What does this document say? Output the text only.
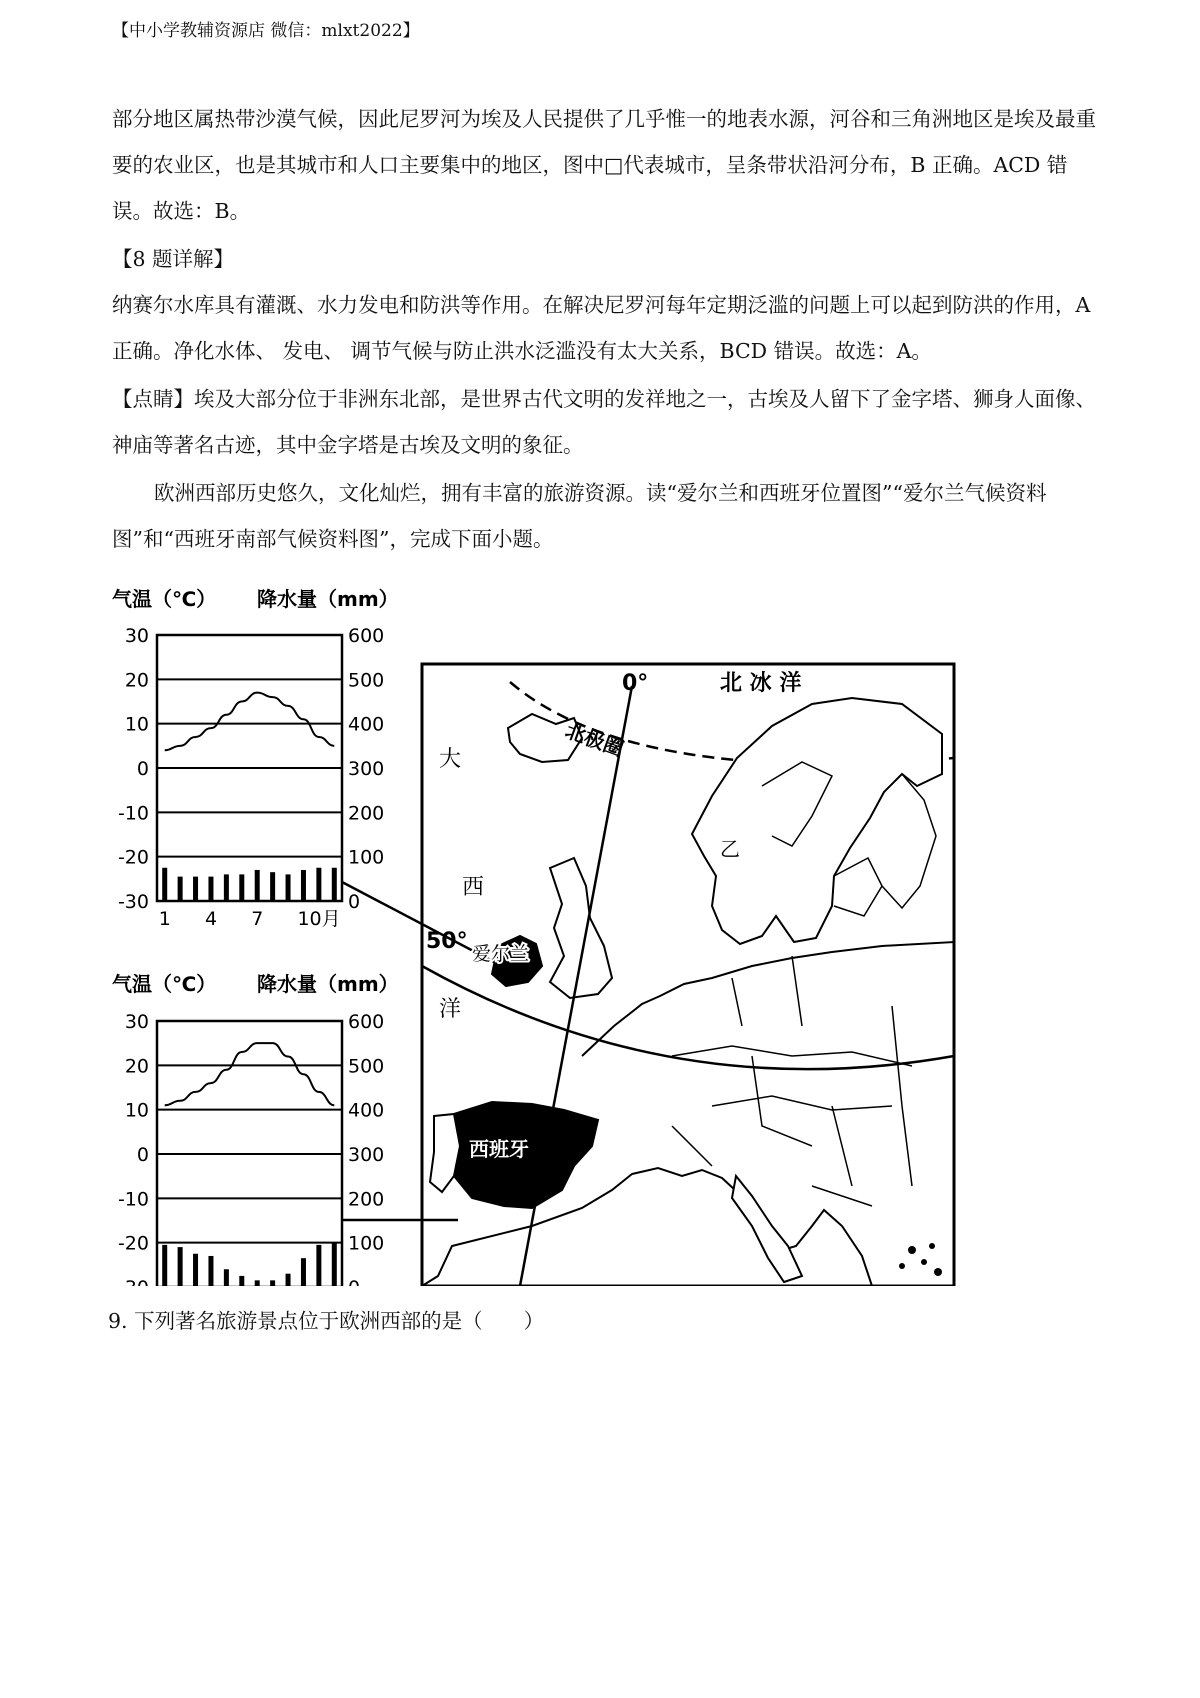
【中小学教辅资源店 微信：mlxt2022】
部分地区属热带沙漠气候，因此尼罗河为埃及人民提供了几乎惟一的地表水源，河谷和三角洲地区是埃及最重要的农业区，也是其城市和人口主要集中的地区，图中□代表城市，呈条带状沿河分布，B 正确。ACD 错误。故选：B。
【8 题详解】
纳赛尔水库具有灌溉、水力发电和防洪等作用。在解决尼罗河每年定期泛滥的问题上可以起到防洪的作用，A 正确。净化水体、 发电、 调节气候与防止洪水泛滥没有太大关系，BCD 错误。故选：A。
【点睛】埃及大部分位于非洲东北部，是世界古代文明的发祥地之一，古埃及人留下了金字塔、狮身人面像、神庙等著名古迹，其中金字塔是古埃及文明的象征。
欧洲西部历史悠久，文化灿烂，拥有丰富的旅游资源。读“爱尔兰和西班牙位置图”“爱尔兰气候资料图”和“西班牙南部气候资料图”，完成下面小题。
气温（℃） 降水量（mm）
30
20
10
0
-10
-20
-30
600
500
400
300
200
100
0
1 4 7 10月
气温（℃） 降水量（mm）
30
20
10
0
-10
-20
600
500
400
300
200
100
0°	北 冰 洋
北极圈
大
西
洋
50°
乙
爱尔兰
西班牙
9. 下列著名旅游景点位于欧洲西部的是（　　）
